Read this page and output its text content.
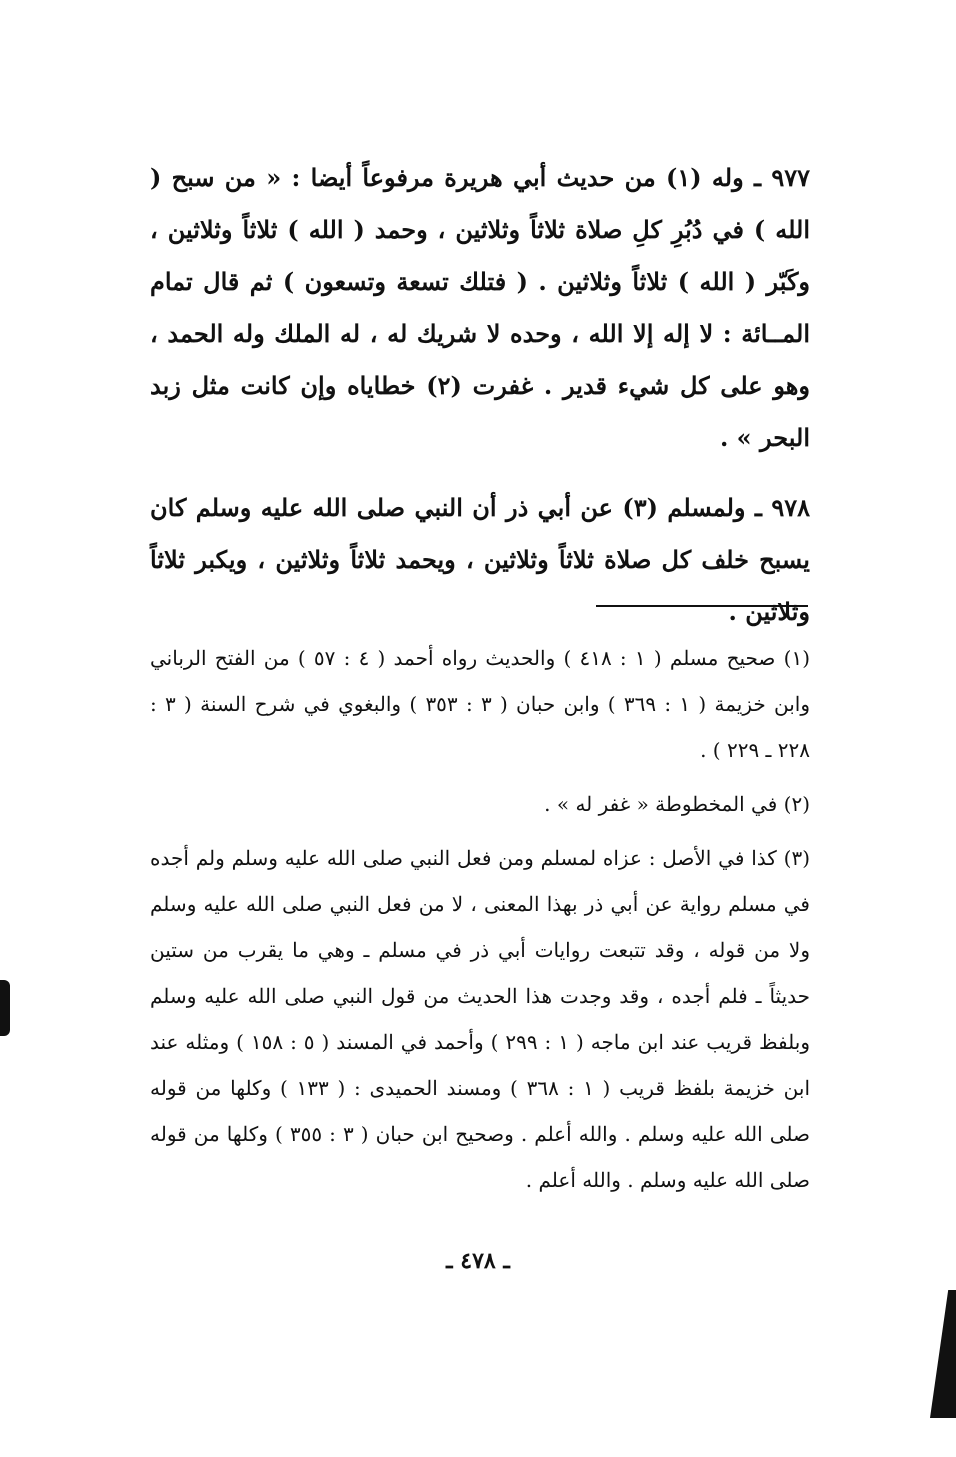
٩٧٧ ـ وله (١) من حديث أبي هريرة مرفوعاً أيضا : « من سبح ( الله ) في دُبُرِ كلِ صلاة ثلاثاً وثلاثين ، وحمد ( الله ) ثلاثاً وثلاثين ، وكَبّر ( الله ) ثلاثاً وثلاثين . ( فتلك تسعة وتسعون ) ثم قال تمام المــائة : لا إله إلا الله ، وحده لا شريك له ، له الملك وله الحمد ، وهو على كل شيء قدير . غفرت (٢) خطاياه وإن كانت مثل زبد البحر » .

٩٧٨ ـ ولمسلم (٣) عن أبي ذر أن النبي صلى الله عليه وسلم كان يسبح خلف كل صلاة ثلاثاً وثلاثين ، ويحمد ثلاثاً وثلاثين ، ويكبر ثلاثاً وثلاثين .

(١) صحيح مسلم ( ١ : ٤١٨ ) والحديث رواه أحمد ( ٤ : ٥٧ ) من الفتح الرباني وابن خزيمة ( ١ : ٣٦٩ ) وابن حبان ( ٣ : ٣٥٣ ) والبغوي في شرح السنة ( ٣ : ٢٢٨ ـ ٢٢٩ ) .

(٢) في المخطوطة « غفر له » .

(٣) كذا في الأصل : عزاه لمسلم ومن فعل النبي صلى الله عليه وسلم ولم أجده في مسلم رواية عن أبي ذر بهذا المعنى ، لا من فعل النبي صلى الله عليه وسلم ولا من قوله ، وقد تتبعت روايات أبي ذر في مسلم ـ وهي ما يقرب من ستين حديثاً ـ فلم أجده ، وقد وجدت هذا الحديث من قول النبي صلى الله عليه وسلم وبلفظ قريب عند ابن ماجه ( ١ : ٢٩٩ ) وأحمد في المسند ( ٥ : ١٥٨ ) ومثله عند ابن خزيمة بلفظ قريب ( ١ : ٣٦٨ ) ومسند الحميدى : ( ١٣٣ ) وكلها من قوله صلى الله عليه وسلم . والله أعلم . وصحيح ابن حبان ( ٣ : ٣٥٥ ) وكلها من قوله صلى الله عليه وسلم . والله أعلم .

ـ ٤٧٨ ـ
